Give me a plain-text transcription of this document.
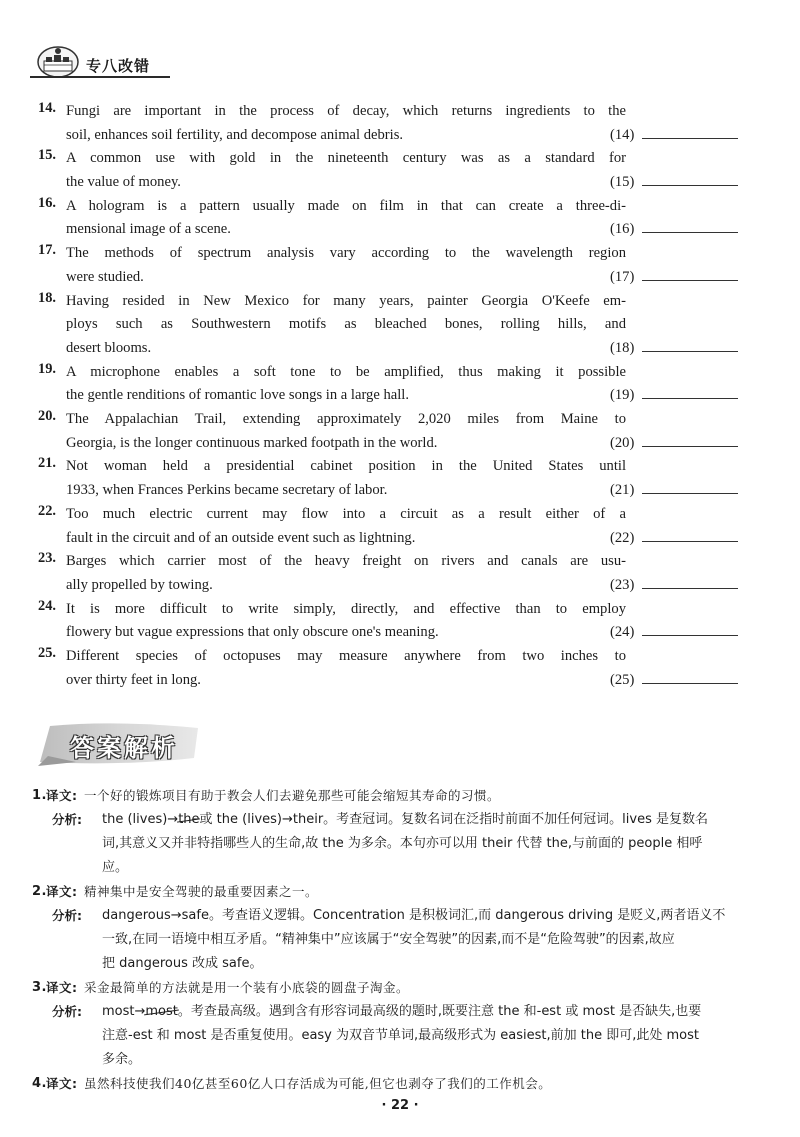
专八改错
14. Fungi are important in the process of decay, which returns ingredients to the
soil, enhances soil fertility, and decompose animal debris.	(14)
15. A common use with gold in the nineteenth century was as a standard for
the value of money.	(15)
16. A hologram is a pattern usually made on film in that can create a three-di-
mensional image of a scene.	(16)
17. The methods of spectrum analysis vary according to the wavelength region
were studied.	(17)
18. Having resided in New Mexico for many years, painter Georgia O'Keefe em-
ploys such as Southwestern motifs as bleached bones, rolling hills, and
desert blooms.	(18)
19. A microphone enables a soft tone to be amplified, thus making it possible
the gentle renditions of romantic love songs in a large hall.	(19)
20. The Appalachian Trail, extending approximately 2,020 miles from Maine to
Georgia, is the longer continuous marked footpath in the world.	(20)
21. Not woman held a presidential cabinet position in the United States until
1933, when Frances Perkins became secretary of labor.	(21)
22. Too much electric current may flow into a circuit as a result either of a
fault in the circuit and of an outside event such as lightning.	(22)
23. Barges which carrier most of the heavy freight on rivers and canals are usu-
ally propelled by towing.	(23)
24. It is more difficult to write simply, directly, and effective than to employ
flowery but vague expressions that only obscure one's meaning.	(24)
25. Different species of octopuses may measure anywhere from two inches to
over thirty feet in long.	(25)
答案解析
1. 译文: 一个好的锻炼项目有助于教会人们去避免那些可能会缩短其寿命的习惯。
分析: the (lives)→the或 the (lives)→their。考查冠词。复数名词在泛指时前面不加任何冠词。lives 是复数名
词,其意义又并非特指哪些人的生命,故 the 为多余。本句亦可以用 their 代替 the,与前面的 people 相呼
应。
2. 译文: 精神集中是安全驾驶的最重要因素之一。
分析: dangerous→safe。考查语义逻辑。Concentration 是积极词汇,而 dangerous driving 是贬义,两者语义不
一致,在同一语境中相互矛盾。“精神集中”应该属于“安全驾驶”的因素,而不是“危险驾驶”的因素,故应
把 dangerous 改成 safe。
3. 译文: 采金最简单的方法就是用一个装有小底袋的圆盘子淘金。
分析: most→most。考查最高级。遇到含有形容词最高级的题时,既要注意 the 和-est 或 most 是否缺失,也要
注意-est 和 most 是否重复使用。easy 为双音节单词,最高级形式为 easiest,前加 the 即可,此处 most
多余。
4. 译文: 虽然科技使我们40亿甚至60亿人口存活成为可能,但它也剥夺了我们的工作机会。
· 22 ·
